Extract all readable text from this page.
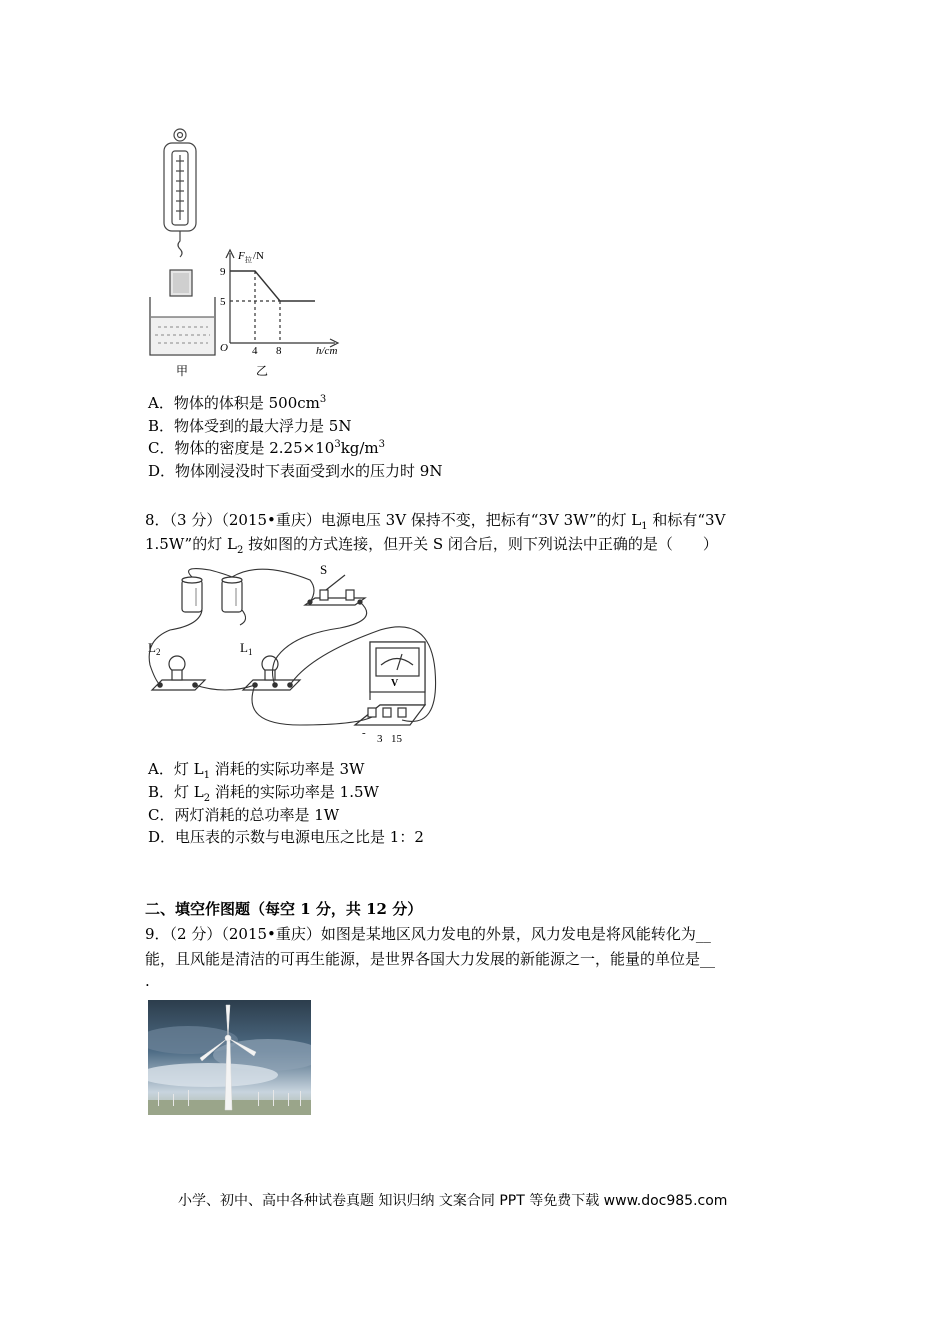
甲
F 拉 /N
9
5
O 4 8	h/cm
乙
A．物体的体积是 $500cm^3$
B．物体受到的最大浮力是 5N
C．物体的密度是 $2.25\times 10^3kg/m^3$
D．物体刚浸没时下表面受到水的压力时 9N
8．（3 分）（2015•重庆）电源电压 3V 保持不变，把标有“3V 3W”的灯 $L_1$ 和标有“3V
1.5W”的灯 $L_2$ 按如图的方式连接，但开关 S 闭合后，则下列说法中正确的是（　　）
S
$L_2$	$L_1$
V
- 3 15
A．灯 $L_1$ 消耗的实际功率是 3W
B．灯 $L_2$ 消耗的实际功率是 1.5W
C．两灯消耗的总功率是 1W
D．电压表的示数与电源电压之比是 1：2
二、填空作图题（每空 1 分，共 12 分）
9．（2 分）（2015•重庆）如图是某地区风力发电的外景，风力发电是将风能转化为__
能，且风能是清洁的可再生能源，是世界各国大力发展的新能源之一，能量的单位是__
.
小学、初中、高中各种试卷真题 知识归纳 文案合同 PPT 等免费下载 www.doc985.com
